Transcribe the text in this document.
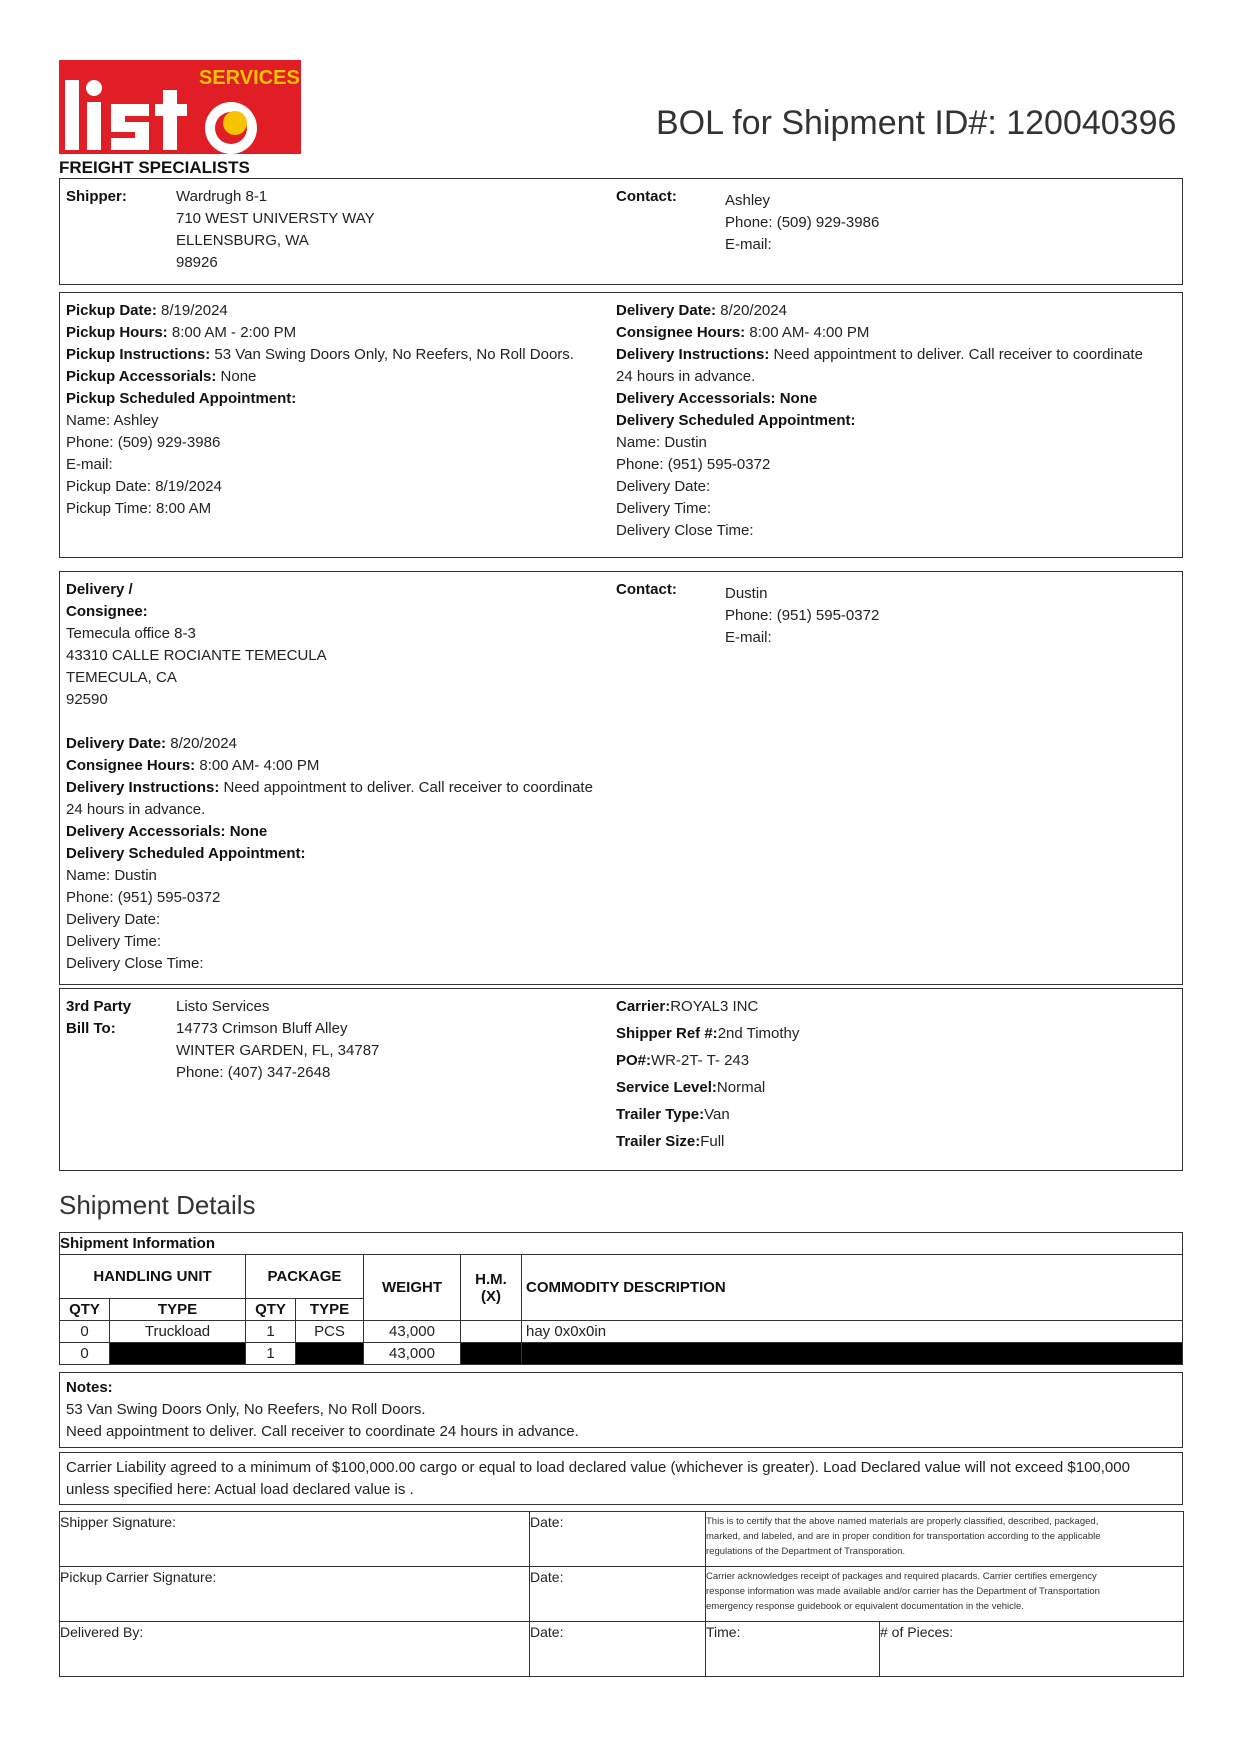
SERVICES
FREIGHT SPECIALISTS
BOL for Shipment ID#: 120040396
Shipper:	Wardrugh 8-1
710 WEST UNIVERSTY WAY
ELLENSBURG, WA
98926
Contact:	Ashley
Phone: (509) 929-3986
E-mail:
Pickup Date: 8/19/2024
Pickup Hours: 8:00 AM - 2:00 PM
Pickup Instructions: 53 Van Swing Doors Only, No Reefers, No Roll Doors.
Pickup Accessorials: None
Pickup Scheduled Appointment:
Name: Ashley
Phone: (509) 929-3986
E-mail:
Pickup Date: 8/19/2024
Pickup Time: 8:00 AM
Delivery Date: 8/20/2024
Consignee Hours: 8:00 AM- 4:00 PM
Delivery Instructions: Need appointment to deliver. Call receiver to coordinate
24 hours in advance.
Delivery Accessorials: None
Delivery Scheduled Appointment:
Name: Dustin
Phone: (951) 595-0372
Delivery Date:
Delivery Time:
Delivery Close Time:
Delivery /
Consignee:
Temecula office 8-3
43310 CALLE ROCIANTE TEMECULA
TEMECULA, CA
92590

Delivery Date: 8/20/2024
Consignee Hours: 8:00 AM- 4:00 PM
Delivery Instructions: Need appointment to deliver. Call receiver to coordinate
24 hours in advance.
Delivery Accessorials: None
Delivery Scheduled Appointment:
Name: Dustin
Phone: (951) 595-0372
Delivery Date:
Delivery Time:
Delivery Close Time:
Contact:	Dustin
Phone: (951) 595-0372
E-mail:
3rd Party
Bill To:
Listo Services
14773 Crimson Bluff Alley
WINTER GARDEN, FL, 34787
Phone: (407) 347-2648
Carrier:ROYAL3 INC
Shipper Ref #:2nd Timothy
PO#:WR-2T- T- 243
Service Level:Normal
Trailer Type:Van
Trailer Size:Full
Shipment Details
Shipment Information						
HANDLING UNIT		PACKAGE		WEIGHT	H.M. (X)	COMMODITY DESCRIPTION
QTY	TYPE	QTY	TYPE			
0	Truckload	1	PCS	43,000		hay 0x0x0in
0		1		43,000		
Notes:
53 Van Swing Doors Only, No Reefers, No Roll Doors.
Need appointment to deliver. Call receiver to coordinate 24 hours in advance.
Carrier Liability agreed to a minimum of $100,000.00 cargo or equal to load declared value (whichever is greater). Load Declared value will not exceed $100,000
unless specified here: Actual load declared value is .
Shipper Signature:	Date:	This is to certify that the above named materials are properly classified, described, packaged,
marked, and labeled, and are in proper condition for transportation according to the applicable
regulations of the Department of Transporation.	

Pickup Carrier Signature:	Date:	Carrier acknowledges receipt of packages and required placards. Carrier certifies emergency
response information was made available and/or carrier has the Department of Transportation
emergency response guidebook or equivalent documentation in the vehicle.	

Delivered By:	Date:	Time:	# of Pieces:
